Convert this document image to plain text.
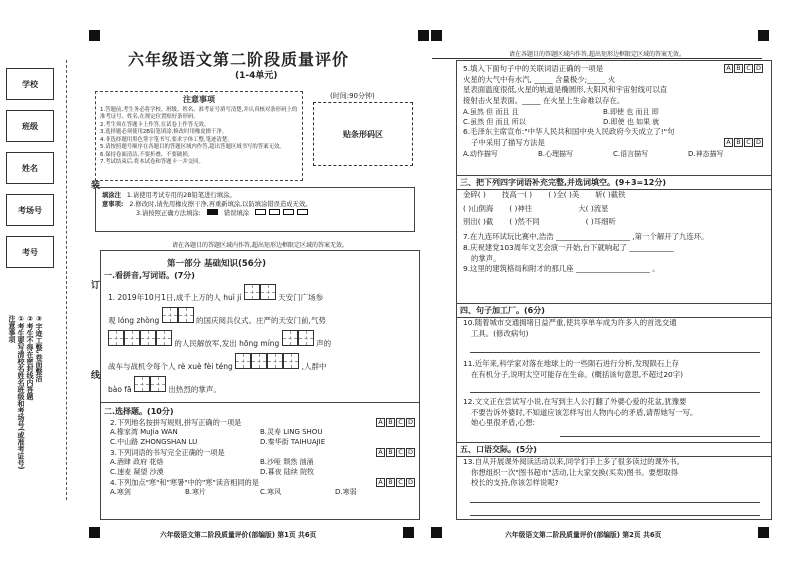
学校
班级
姓名
考场号
考号
装
订
线
注意事项 ①考生要写清校名姓名班级和考场号(或准考证号) ②考生不得在密封线内答题 ③字迹工整,卷面整洁
六年级语文第二阶段质量评价
(1-4单元)
注意事项

1.答题前,考生务必将学校、班级、姓名、准考证号填写清楚,并认真核对条形码上的准考证号、姓名,在规定位置贴好条形码。

2.考生须在答题卡上作答,在试卷上作答无效。

3.选择题必须使用2B铅笔填涂,修改时用橡皮擦干净。

4.非选择题用黑色签字笔书写,要求字体工整,笔迹清楚。

5.请按照题号顺序在各题目的答题区域内作答,超出答题区域书写的答案无效。

6.保持卷面清洁,不要折叠、不要破损。

7.考试结束后,将本试卷和答题卡一并交回。

(时间:90分钟)
贴条形码区
填涂注 1.请使用考试专用的2B铅笔进行填涂。
意事项: 2.修改时,请先用橡皮擦干净,再重新填涂,以防填涂错误造成无效。
3.请按照正确方法填涂:	错误填涂
请在各题目的答题区域内作答,超出矩形边框限定区域的答案无效。
第一部分 基础知识(56分)
一.看拼音,写词语。(7分)
1. 2019年10月1日,成千上万的人 huì jí	天安门广场参
观 lóng zhòng	的国庆阅兵仪式。庄严的天安门前,气势
的人民解放军,发出 hōng míng	声的
战车与战机令每个人 rè xuè fèi téng	,人群中
bào fā	出热烈的掌声。
二.选择题。(10分)
2.下列地名按拼写规则,拼写正确的一项是	A B C D
A.橡家湾 MuJia WAN	B.灵寿 LING SHOU
C.中山路 ZHONGSHAN LU	D.秦华街 TAIHUAJIE
3.下列词语的书写完全正确的一项是	A B C D
A.酒肆 政府 花烙	B.沙哑 颓然 汹涌
C.速麦 凝望 沙漠	D.暮夜 陆续 院牧
4.下列加点"寒"和"寒暑"中的"寒"读音相同的是	A B C D
A.寒剑	B.寒片	C.寒风	D.寒弱
六年级语文第二阶段质量评价(部编版) 第1页 共6页
请在各题目的答题区域内作答,超出矩形边框限定区域的答案无效。
5.填入下面句子中的关联词语正确的一项是	A B C D
火星的大气中有水汽, _____ 含量极少;_____ 火
星表面温度很低,火星的轨道是椭圆形,大阳风和宇宙射线可以直
接射击火星表面。_____ 在火星上生命难以存在。
A.虽然 但 而且 且	B.即使 也 而且 即
C.虽然 但 而且 所以	D.即使 也 如果 就
6.毛泽东主席宣布:"中华人民共和国中央人民政府今天成立了!"句
子中采用了描写方法是	A B C D
A.动作描写	B.心理描写	C.语言描写	D.神态描写
三、把下列四字词语补充完整,并选词填空。(9+3=12分)
金碎( ) 技高一( ) ( )全( )美 斩( )截铁
( )山倒海 ( )神往	大( )流星
别出( )截 ( )然不同	( )耳细听
7.在九连环试玩比赛中,浩浩 ____________________ ,第一个解开了九连环。
8.庆祝建党103周年文艺会演一开始,台下就响起了 ____________
的掌声。
9.这里的建筑格局和附才的那几座 ____________________ 。
四、句子加工厂。(6分)
10.随着城市交通拥堵日益严重,使共享单车成为许多人的首选交通
工具。(修改病句)
11.近年来,科学家对落在地球上的一些陨石进行分析,发现陨石上存
在有机分子,说明太空可能存在生命。(概括该句意思,不超过20字)
12.文文正在尝试写小说,在写到主人公打翻了外婆心爱的花盆,犹豫要
不要告诉外婆时,不知道应该怎样写出人物内心的矛盾,请帮她写一写。
她心里很矛盾,心想:
五、口语交际。(5分)
13.自从开展课外阅读活动以来,同学们手上多了很多读过的课外书。
你想组织一次"图书超市"活动,让大家交换(买卖)图书。要想取得
校长的支持,你该怎样说呢?
六年级语文第二阶段质量评价(部编版) 第2页 共6页
